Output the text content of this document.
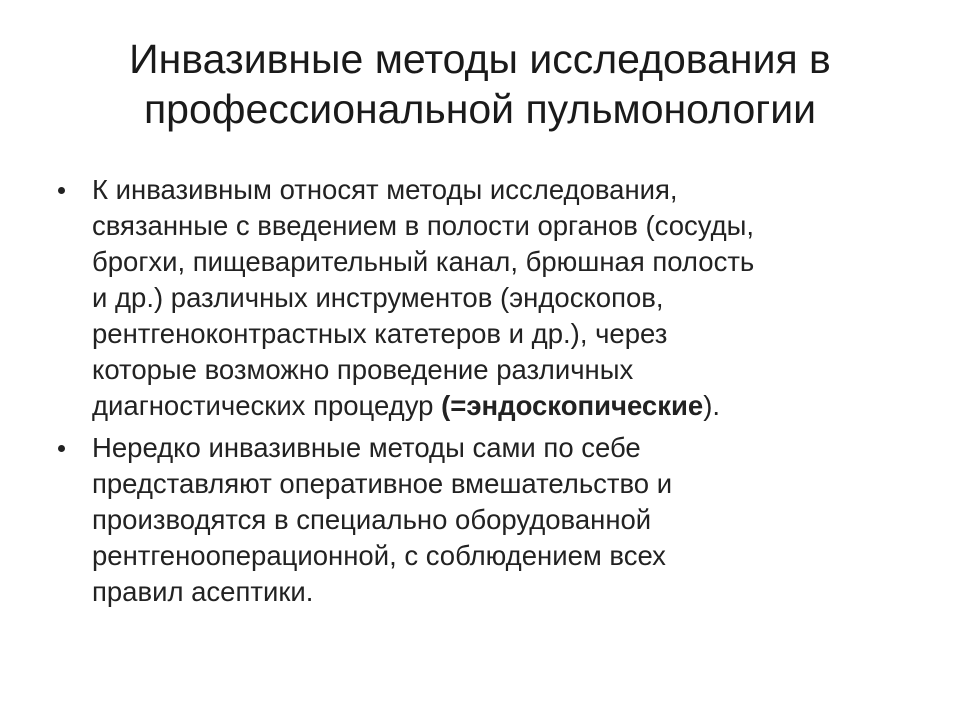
Инвазивные методы исследования в
профессиональной пульмонологии
К инвазивным относят методы исследования,
связанные с введением в полости органов (сосуды,
брогхи, пищеварительный канал, брюшная полость
и др.) различных инструментов (эндоскопов,
рентгеноконтрастных катетеров и др.), через
которые возможно проведение различных
диагностических процедур (=эндоскопические).
Нередко инвазивные методы сами по себе
представляют оперативное вмешательство и
производятся в специально оборудованной
рентгенооперационной, с соблюдением всех
правил асептики.
